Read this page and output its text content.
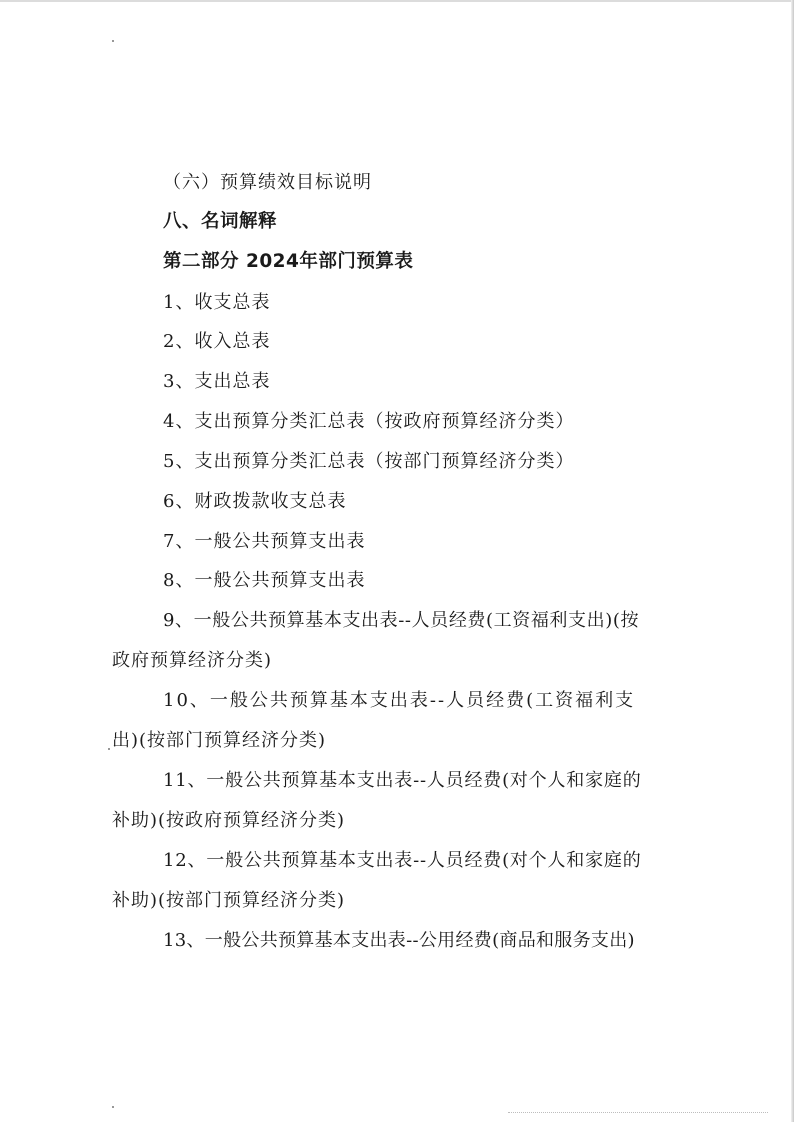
（六）预算绩效目标说明

八、名词解释

第二部分 2024年部门预算表

1、收支总表

2、收入总表

3、支出总表

4、支出预算分类汇总表（按政府预算经济分类）

5、支出预算分类汇总表（按部门预算经济分类）

6、财政拨款收支总表

7、一般公共预算支出表

8、一般公共预算支出表

9、一般公共预算基本支出表--人员经费(工资福利支出)(按

政府预算经济分类)

10、一般公共预算基本支出表--人员经费(工资福利支

出)(按部门预算经济分类)

11、一般公共预算基本支出表--人员经费(对个人和家庭的

补助)(按政府预算经济分类)

12、一般公共预算基本支出表--人员经费(对个人和家庭的

补助)(按部门预算经济分类)

13、一般公共预算基本支出表--公用经费(商品和服务支出)
